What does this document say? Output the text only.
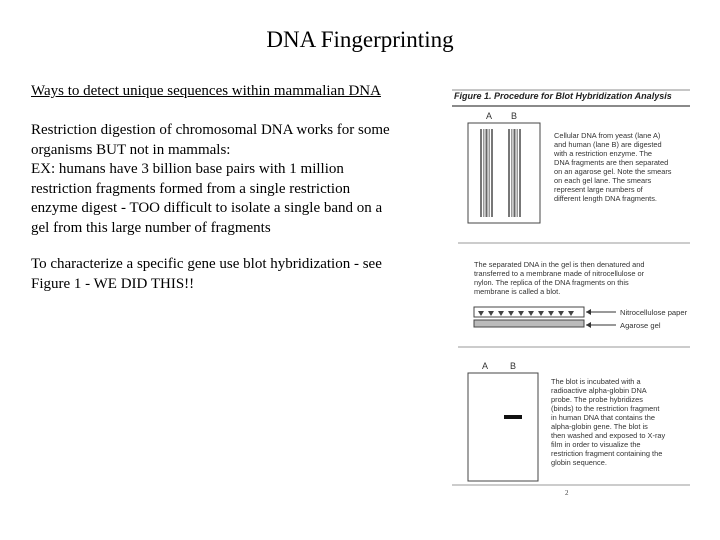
DNA Fingerprinting

Ways to detect unique sequences within mammalian DNA

Restriction digestion of chromosomal DNA works for some

organisms BUT not in mammals:

EX: humans have 3 billion base pairs with 1 million

restriction fragments formed from a single restriction

enzyme digest - TOO difficult to isolate a single band on a

gel from this large number of fragments

To characterize a specific gene use blot hybridization - see

Figure 1 - WE DID THIS!!

A B
Cellular DNA from yeast (lane A) and human (lane B) are digested with a restriction enzyme. The DNA fragments are then separated on an agarose gel. Note the smears on each gel lane. The smears represent large numbers of different length DNA fragments.
The separated DNA in the gel is then denatured and transferred to a membrane made of nitrocellulose or nylon. The replica of the DNA fragments on this membrane is called a blot.
Nitrocellulose paper
Agarose gel
A B
The blot is incubated with a radioactive alpha-globin DNA probe. The probe hybridizes (binds) to the restriction fragment in human DNA that contains the alpha-globin gene. The blot is then washed and exposed to X-ray film in order to visualize the restriction fragment containing the globin sequence.
2
Figure 1. Procedure for Blot Hybridization Analysis
